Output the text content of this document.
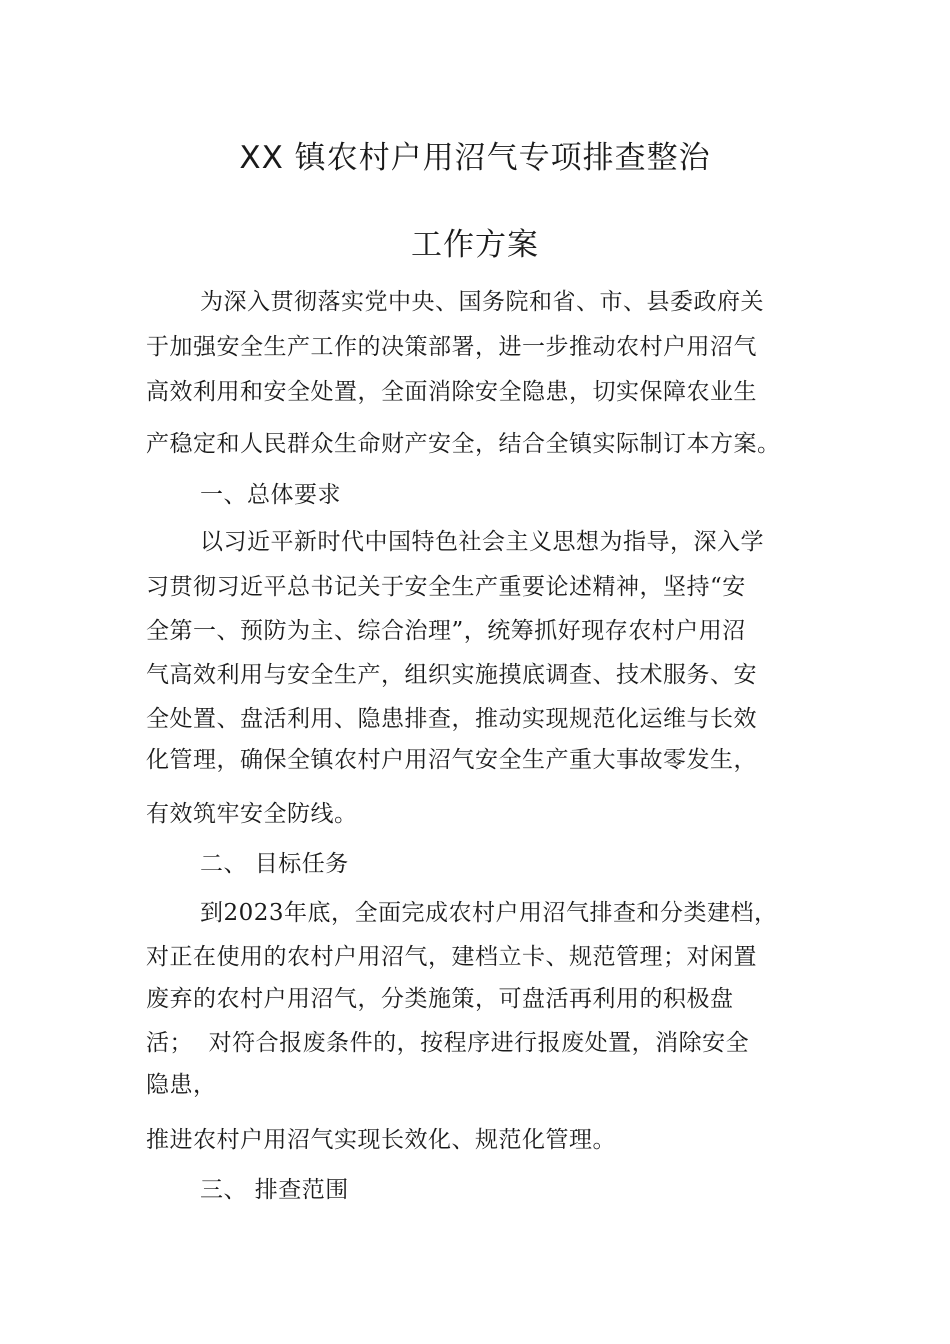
XX 镇农村户用沼气专项排查整治
工作方案
为深入贯彻落实党中央、国务院和省、市、县委政府关
于加强安全生产工作的决策部署，进一步推动农村户用沼气
高效利用和安全处置，全面消除安全隐患，切实保障农业生
产稳定和人民群众生命财产安全，结合全镇实际制订本方案。
一、总体要求
以习近平新时代中国特色社会主义思想为指导，深入学
习贯彻习近平总书记关于安全生产重要论述精神，坚持“安
全第一、预防为主、综合治理”，统筹抓好现存农村户用沼
气高效利用与安全生产，组织实施摸底调查、技术服务、安
全处置、盘活利用、隐患排查，推动实现规范化运维与长效
化管理，确保全镇农村户用沼气安全生产重大事故零发生，
有效筑牢安全防线。
二、 目标任务
到2023年底，全面完成农村户用沼气排查和分类建档，
对正在使用的农村户用沼气，建档立卡、规范管理；对闲置
废弃的农村户用沼气，分类施策，可盘活再利用的积极盘
活；  对符合报废条件的，按程序进行报废处置，消除安全
隐患，
推进农村户用沼气实现长效化、规范化管理。
三、 排查范围
